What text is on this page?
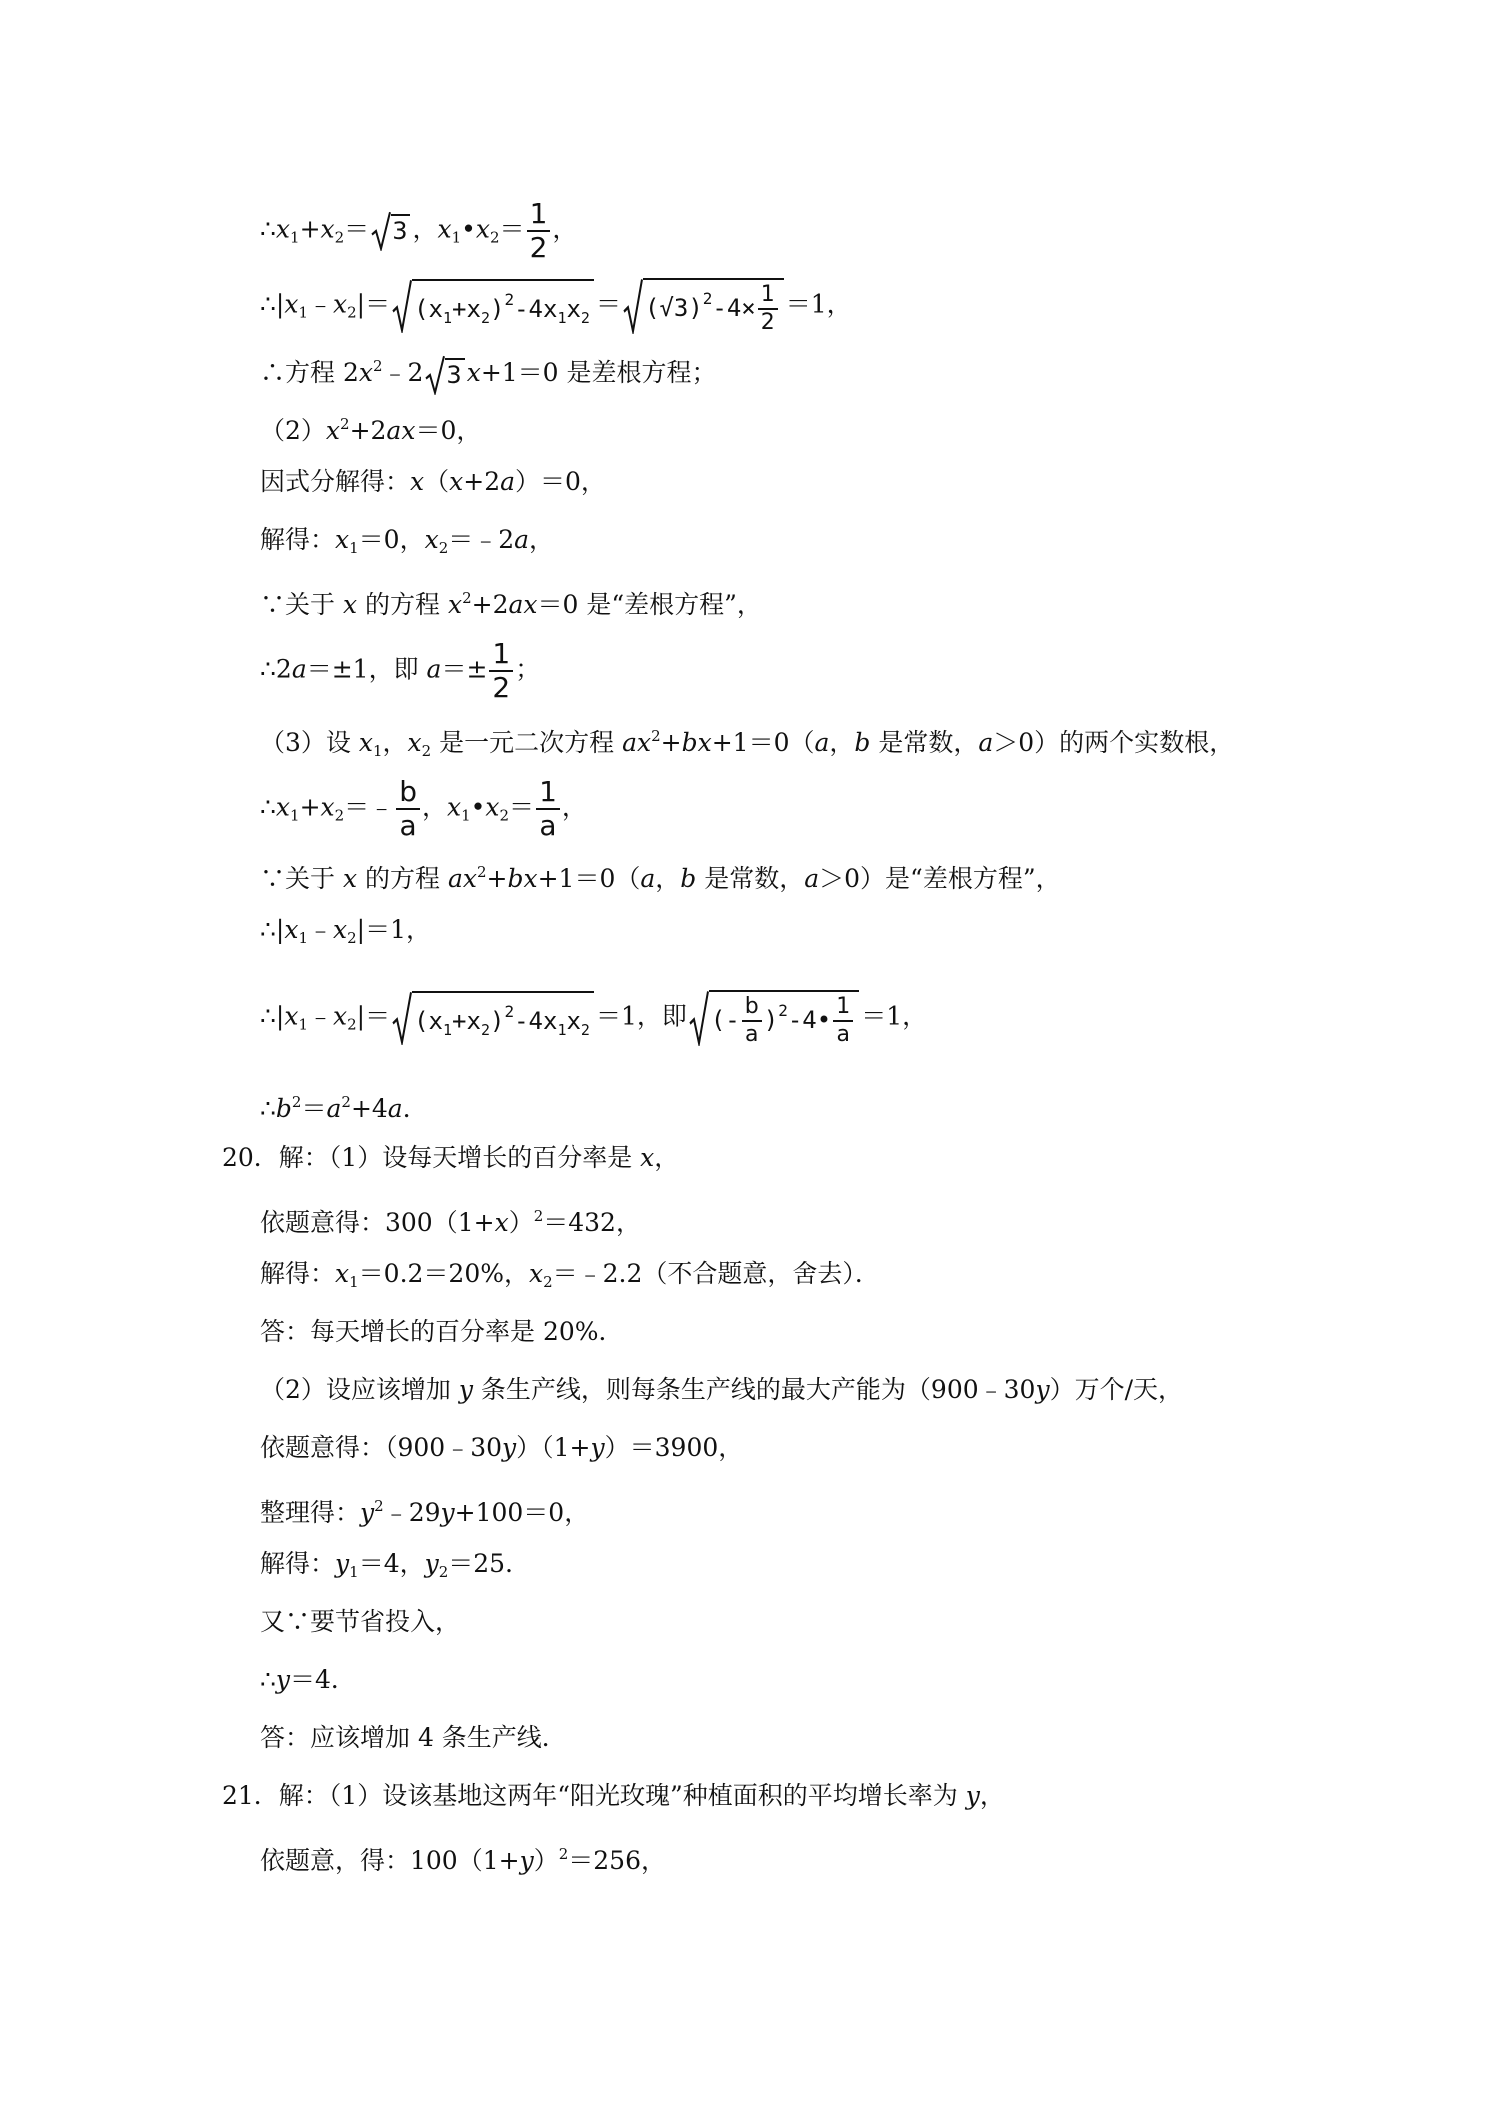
$\therefore x_1+x_2= 3$ ，$x_1•x_2= \frac{1}{2}$ ，
$\therefore|x_1﹣x_2|= (x_1+x_2)^2-4x_1x_2 = (√3)^2-4\times \frac{1}{2} =1$，
∴方程 $2x^2﹣2$ 3 x+1＝0 是差根方程；
$(2)x^2+2ax=0$，
因式分解得：x（x+2a）＝0，
解得：$x_1=0$，$x_2=﹣2a$，
∵关于 x 的方程 $x^2+2ax=0$ 是“差根方程”，
∴2a＝±1，即 $a=\pm \frac{1}{2}$ ；
（3）设 $x_1$，$x_2$ 是一元二次方程 $ax^2+bx+1=0(a$，b 是常数，a＞0）的两个实数根，
$\therefore x_1+x_2=﹣ \frac{b}{a}$ ，$x_1•x_2= \frac{1}{a}$ ，
∵关于 x 的方程 $ax^2+bx+1=0(a$，b 是常数，a＞0）是“差根方程”，
$\therefore|x_1﹣x_2|=1$，
$\therefore|x_1﹣x_2|= (x_1+x_2)^2-4x_1x_2 =1$，即 (- $\frac{b}{a}$ )$^2$-4• $\frac{1}{a} =1$，
$\therefore b^2=a^2+4a$．
20．解：（1）设每天增长的百分率是 x，
依题意得：$300(1+x)^2=432$，
解得：$x_1=0.2=20\%$，$x_2=﹣2.2$（不合题意，舍去）．
答：每天增长的百分率是 20%．
（2）设应该增加 y 条生产线，则每条生产线的最大产能为（900﹣30y）万个/天，
依题意得：（900﹣30y）（1+y）＝3900，
整理得：$y^2﹣29y+100=0$，
解得：$y_1=4$，$y_2=25$．
又∵要节省投入，
∴y＝4．
答：应该增加 4 条生产线．
21．解：（1）设该基地这两年“阳光玫瑰”种植面积的平均增长率为 y，
依题意，得：$100(1+y)^2=256$，
